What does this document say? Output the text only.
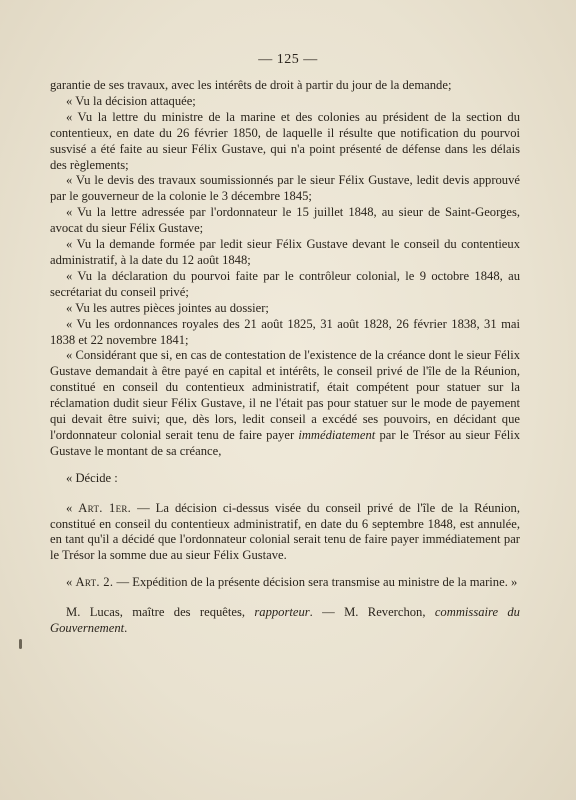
— 125 —

garantie de ses travaux, avec les intérêts de droit à partir du jour de la demande;

« Vu la décision attaquée;

« Vu la lettre du ministre de la marine et des colonies au président de la section du contentieux, en date du 26 février 1850, de laquelle il résulte que notification du pourvoi susvisé a été faite au sieur Félix Gustave, qui n'a point présenté de défense dans les délais des règlements;

« Vu le devis des travaux soumissionnés par le sieur Félix Gustave, ledit devis approuvé par le gouverneur de la colonie le 3 décembre 1845;

« Vu la lettre adressée par l'ordonnateur le 15 juillet 1848, au sieur de Saint-Georges, avocat du sieur Félix Gustave;

« Vu la demande formée par ledit sieur Félix Gustave devant le conseil du contentieux administratif, à la date du 12 août 1848;

« Vu la déclaration du pourvoi faite par le contrôleur colonial, le 9 octobre 1848, au secrétariat du conseil privé;

« Vu les autres pièces jointes au dossier;

« Vu les ordonnances royales des 21 août 1825, 31 août 1828, 26 février 1838, 31 mai 1838 et 22 novembre 1841;

« Considérant que si, en cas de contestation de l'existence de la créance dont le sieur Félix Gustave demandait à être payé en capital et intérêts, le conseil privé de l'île de la Réunion, constitué en conseil du contentieux administratif, était compétent pour statuer sur la réclamation dudit sieur Félix Gustave, il ne l'était pas pour statuer sur le mode de payement qui devait être suivi; que, dès lors, ledit conseil a excédé ses pouvoirs, en décidant que l'ordonnateur colonial serait tenu de faire payer immédiatement par le Trésor au sieur Félix Gustave le montant de sa créance,

« Décide :

« Art. 1er. — La décision ci-dessus visée du conseil privé de l'île de la Réunion, constitué en conseil du contentieux administratif, en date du 6 septembre 1848, est annulée, en tant qu'il a décidé que l'ordonnateur colonial serait tenu de faire payer immédiatement par le Trésor la somme due au sieur Félix Gustave.

« Art. 2. — Expédition de la présente décision sera transmise au ministre de la marine. »

M. Lucas, maître des requêtes, rapporteur. — M. Reverchon, commissaire du Gouvernement.
